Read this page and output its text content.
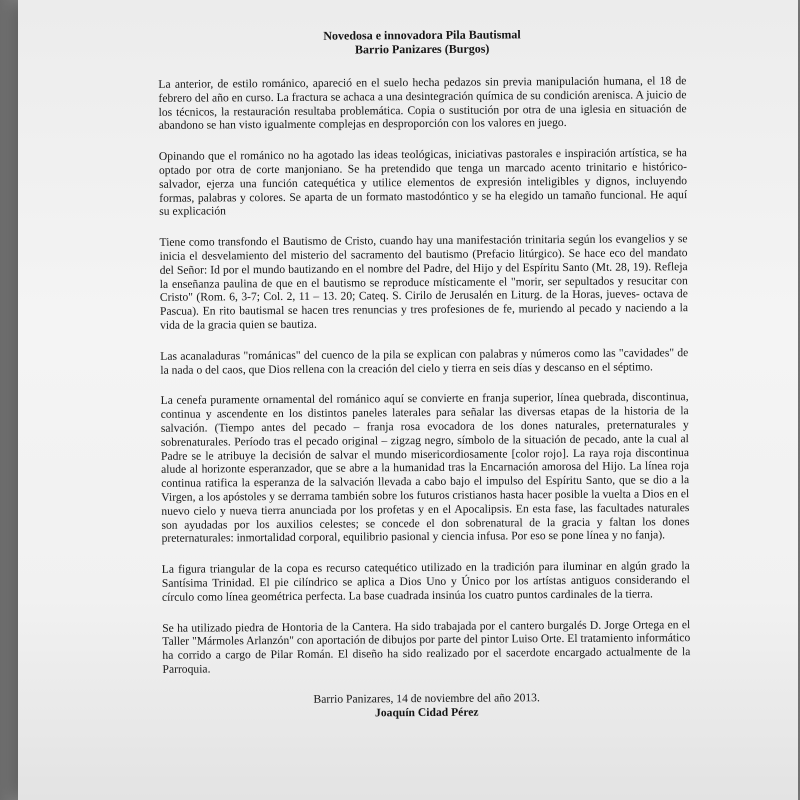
Novedosa e innovadora Pila Bautismal
Barrio Panizares (Burgos)

La anterior, de estilo románico, apareció en el suelo hecha pedazos sin previa manipulación humana, el 18 de febrero del año en curso. La fractura se achaca a una desintegración química de su condición arenisca. A juicio de los técnicos, la restauración resultaba problemática. Copia o sustitución por otra de una iglesia en situación de abandono se han visto igualmente complejas en desproporción con los valores en juego.

Opinando que el románico no ha agotado las ideas teológicas, iniciativas pastorales e inspiración artística, se ha optado por otra de corte manjoniano. Se ha pretendido que tenga un marcado acento trinitario e histórico-salvador, ejerza una función catequética y utilice elementos de expresión inteligibles y dignos, incluyendo formas, palabras y colores. Se aparta de un formato mastodóntico y se ha elegido un tamaño funcional. He aquí su explicación

Tiene como transfondo el Bautismo de Cristo, cuando hay una manifestación trinitaria según los evangelios y se inicia el desvelamiento del misterio del sacramento del bautismo (Prefacio litúrgico). Se hace eco del mandato del Señor: Id por el mundo bautizando en el nombre del Padre, del Hijo y del Espíritu Santo (Mt. 28, 19). Refleja la enseñanza paulina de que en el bautismo se reproduce místicamente el "morir, ser sepultados y resucitar con Cristo" (Rom. 6, 3-7; Col. 2, 11 – 13. 20; Cateq. S. Cirilo de Jerusalén en Liturg. de la Horas, jueves- octava de Pascua). En rito bautismal se hacen tres renuncias y tres profesiones de fe, muriendo al pecado y naciendo a la vida de la gracia quien se bautiza.

Las acanaladuras "románicas" del cuenco de la pila se explican con palabras y números como las "cavidades" de la nada o del caos, que Dios rellena con la creación del cielo y tierra en seis días y descanso en el séptimo.

La cenefa puramente ornamental del románico aquí se convierte en franja superior, línea quebrada, discontinua, continua y ascendente en los distintos paneles laterales para señalar las diversas etapas de la historia de la salvación. (Tiempo antes del pecado – franja rosa evocadora de los dones naturales, preternaturales y sobrenaturales. Período tras el pecado original – zigzag negro, símbolo de la situación de pecado, ante la cual al Padre se le atribuye la decisión de salvar el mundo misericordiosamente [color rojo]. La raya roja discontinua alude al horizonte esperanzador, que se abre a la humanidad tras la Encarnación amorosa del Hijo. La línea roja continua ratifica la esperanza de la salvación llevada a cabo bajo el impulso del Espíritu Santo, que se dio a la Virgen, a los apóstoles y se derrama también sobre los futuros cristianos hasta hacer posible la vuelta a Dios en el nuevo cielo y nueva tierra anunciada por los profetas y en el Apocalipsis. En esta fase, las facultades naturales son ayudadas por los auxilios celestes; se concede el don sobrenatural de la gracia y faltan los dones preternaturales: inmortalidad corporal, equilibrio pasional y ciencia infusa. Por eso se pone línea y no fanja).

La figura triangular de la copa es recurso catequético utilizado en la tradición para iluminar en algún grado la Santísima Trinidad. El pie cilíndrico se aplica a Dios Uno y Único por los artístas antiguos considerando el círculo como línea geométrica perfecta. La base cuadrada insinúa los cuatro puntos cardinales de la tierra.

Se ha utilizado piedra de Hontoria de la Cantera. Ha sido trabajada por el cantero burgalés D. Jorge Ortega en el Taller "Mármoles Arlanzón" con aportación de dibujos por parte del pintor Luiso Orte. El tratamiento informático ha corrido a cargo de Pilar Román. El diseño ha sido realizado por el sacerdote encargado actualmente de la Parroquia.

Barrio Panizares, 14 de noviembre del año 2013.
Joaquín Cidad Pérez
